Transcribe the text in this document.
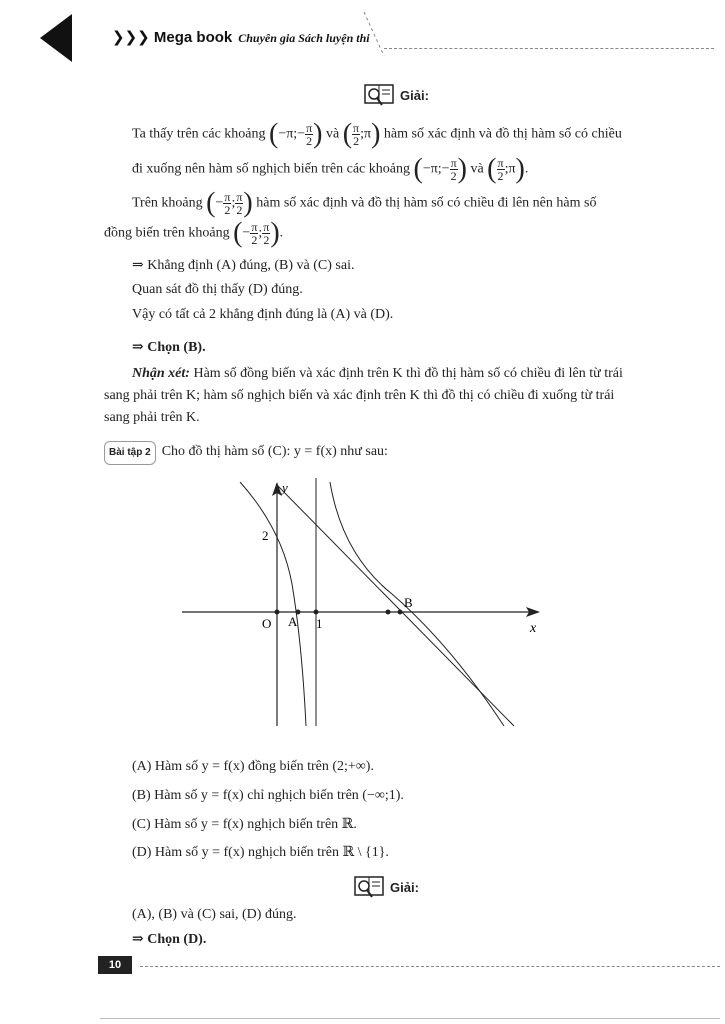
❯❯❯ Mega book Chuyên gia Sách luyện thi
Giải:
Ta thấy trên các khoảng (−π;− $\frac{\pi}{2}$ ) và ( $\frac{\pi}{2}$ ;π) hàm số xác định và đồ thị hàm số có chiều
đi xuống nên hàm số nghịch biến trên các khoảng (−π;− $\frac{\pi}{2}$ ) và ( $\frac{\pi}{2}$ ;π).
Trên khoảng (− $\frac{\pi}{2}$ ; $\frac{\pi}{2}$ ) hàm số xác định và đồ thị hàm số có chiều đi lên nên hàm số
đồng biến trên khoảng (− $\frac{\pi}{2}$ ; $\frac{\pi}{2}$ ).
⇒ Khẳng định (A) đúng, (B) và (C) sai.
Quan sát đồ thị thấy (D) đúng.
Vậy có tất cả 2 khẳng định đúng là (A) và (D).
⇒ Chọn (B).
Nhận xét: Hàm số đồng biến và xác định trên K thì đồ thị hàm số có chiều đi lên từ trái
sang phải trên K; hàm số nghịch biến và xác định trên K thì đồ thị có chiều đi xuống từ trái
sang phải trên K.
Bài tập 2 Cho đồ thị hàm số (C): y = f(x) như sau:
y
x
O A 1
B
2
(A) Hàm số y = f(x) đồng biến trên (2;+∞).
(B) Hàm số y = f(x) chỉ nghịch biến trên (−∞;1).
(C) Hàm số y = f(x) nghịch biến trên ℝ.
(D) Hàm số y = f(x) nghịch biến trên ℝ \ {1}.
Giải:
(A), (B) và (C) sai, (D) đúng.
⇒ Chọn (D).
10
